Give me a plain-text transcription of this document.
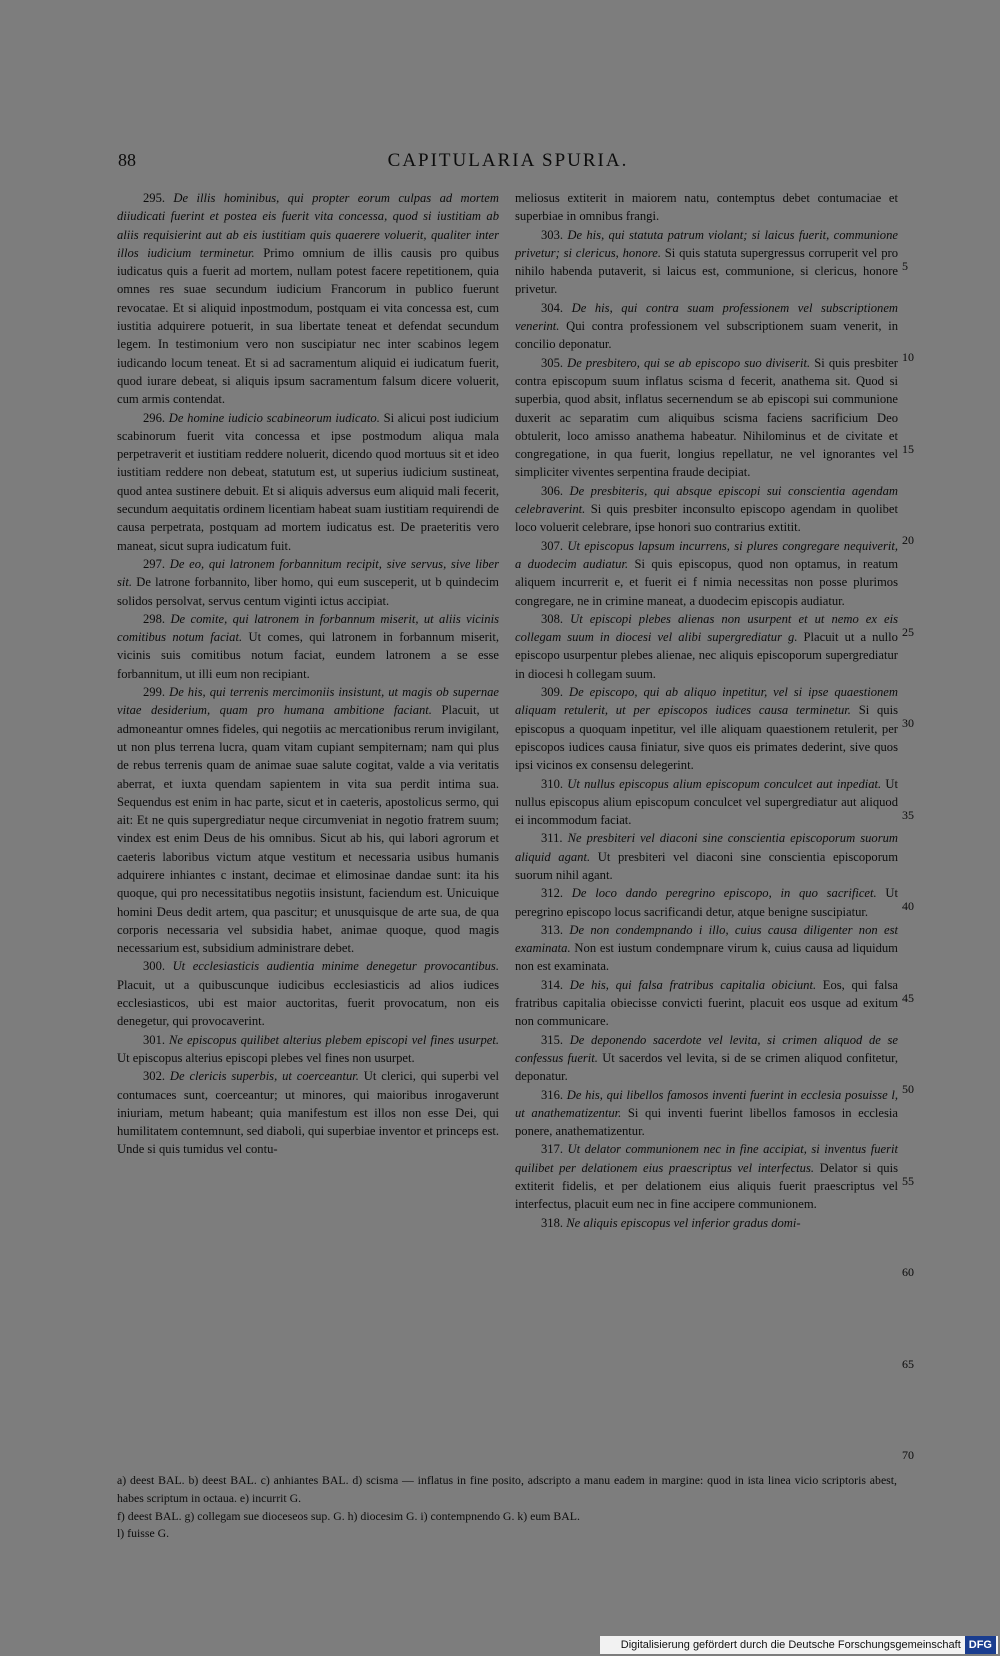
88	CAPITULARIA SPURIA.

295. De illis hominibus, qui propter eorum culpas ad mortem diiudicati fuerint et postea eis fuerit vita concessa, quod si iustitiam ab aliis requisierint aut ab eis iustitiam quis quaerere voluerit, qualiter inter illos iudicium terminetur. Primo omnium de illis causis pro quibus iudicatus quis a fuerit ad mortem, nullam potest facere repetitionem, quia omnes res suae secundum iudicium Francorum in publico fuerunt revocatae. Et si aliquid inpostmodum, postquam ei vita concessa est, cum iustitia adquirere potuerit, in sua libertate teneat et defendat secundum legem. In testimonium vero non suscipiatur nec inter scabinos legem iudicando locum teneat. Et si ad sacramentum aliquid ei iudicatum fuerit, quod iurare debeat, si aliquis ipsum sacramentum falsum dicere voluerit, cum armis contendat.

296. De homine iudicio scabineorum iudicato. Si alicui post iudicium scabinorum fuerit vita concessa et ipse postmodum aliqua mala perpetraverit et iustitiam reddere noluerit, dicendo quod mortuus sit et ideo iustitiam reddere non debeat, statutum est, ut superius iudicium sustineat, quod antea sustinere debuit. Et si aliquis adversus eum aliquid mali fecerit, secundum aequitatis ordinem licentiam habeat suam iustitiam requirendi de causa perpetrata, postquam ad mortem iudicatus est. De praeteritis vero maneat, sicut supra iudicatum fuit.

297. De eo, qui latronem forbannitum recipit, sive servus, sive liber sit. De latrone forbannito, liber homo, qui eum susceperit, ut b quindecim solidos persolvat, servus centum viginti ictus accipiat.

298. De comite, qui latronem in forbannum miserit, ut aliis vicinis comitibus notum faciat. Ut comes, qui latronem in forbannum miserit, vicinis suis comitibus notum faciat, eundem latronem a se esse forbannitum, ut illi eum non recipiant.

299. De his, qui terrenis mercimoniis insistunt, ut magis ob supernae vitae desiderium, quam pro humana ambitione faciant. Placuit, ut admoneantur omnes fideles, qui negotiis ac mercationibus rerum invigilant, ut non plus terrena lucra, quam vitam cupiant sempiternam; nam qui plus de rebus terrenis quam de animae suae salute cogitat, valde a via veritatis aberrat, et iuxta quendam sapientem in vita sua perdit intima sua. Sequendus est enim in hac parte, sicut et in caeteris, apostolicus sermo, qui ait: Et ne quis supergrediatur neque circumveniat in negotio fratrem suum; vindex est enim Deus de his omnibus. Sicut ab his, qui labori agrorum et caeteris laboribus victum atque vestitum et necessaria usibus humanis adquirere inhiantes c instant, decimae et elimosinae dandae sunt: ita his quoque, qui pro necessitatibus negotiis insistunt, faciendum est. Unicuique homini Deus dedit artem, qua pascitur; et unusquisque de arte sua, de qua corporis necessaria vel subsidia habet, animae quoque, quod magis necessarium est, subsidium administrare debet.

300. Ut ecclesiasticis audientia minime denegetur provocantibus. Placuit, ut a quibuscunque iudicibus ecclesiasticis ad alios iudices ecclesiasticos, ubi est maior auctoritas, fuerit provocatum, non eis denegetur, qui provocaverint.

301. Ne episcopus quilibet alterius plebem episcopi vel fines usurpet. Ut episcopus alterius episcopi plebes vel fines non usurpet.

302. De clericis superbis, ut coerceantur. Ut clerici, qui superbi vel contumaces sunt, coerceantur; ut minores, qui maioribus inrogaverunt iniuriam, metum habeant; quia manifestum est illos non esse Dei, qui humilitatem contemnunt, sed diaboli, qui superbiae inventor et princeps est. Unde si quis tumidus vel contu-

meliosus extiterit in maiorem natu, contemptus debet contumaciae et superbiae in omnibus frangi.

303. De his, qui statuta patrum violant; si laicus fuerit, communione privetur; si clericus, honore. Si quis statuta supergressus corruperit vel pro nihilo habenda putaverit, si laicus est, communione, si clericus, honore privetur.

304. De his, qui contra suam professionem vel subscriptionem venerint. Qui contra professionem vel subscriptionem suam venerit, in concilio deponatur.

305. De presbitero, qui se ab episcopo suo diviserit. Si quis presbiter contra episcopum suum inflatus scisma d fecerit, anathema sit. Quod si superbia, quod absit, inflatus secernendum se ab episcopi sui communione duxerit ac separatim cum aliquibus scisma faciens sacrificium Deo obtulerit, loco amisso anathema habeatur. Nihilominus et de civitate et congregatione, in qua fuerit, longius repellatur, ne vel ignorantes vel simpliciter viventes serpentina fraude decipiat.

306. De presbiteris, qui absque episcopi sui conscientia agendam celebraverint. Si quis presbiter inconsulto episcopo agendam in quolibet loco voluerit celebrare, ipse honori suo contrarius extitit.

307. Ut episcopus lapsum incurrens, si plures congregare nequiverit, a duodecim audiatur. Si quis episcopus, quod non optamus, in reatum aliquem incurrerit e, et fuerit ei f nimia necessitas non posse plurimos congregare, ne in crimine maneat, a duodecim episcopis audiatur.

308. Ut episcopi plebes alienas non usurpent et ut nemo ex eis collegam suum in diocesi vel alibi supergrediatur g. Placuit ut a nullo episcopo usurpentur plebes alienae, nec aliquis episcoporum supergrediatur in diocesi h collegam suum.

309. De episcopo, qui ab aliquo inpetitur, vel si ipse quaestionem aliquam retulerit, ut per episcopos iudices causa terminetur. Si quis episcopus a quoquam inpetitur, vel ille aliquam quaestionem retulerit, per episcopos iudices causa finiatur, sive quos eis primates dederint, sive quos ipsi vicinos ex consensu delegerint.

310. Ut nullus episcopus alium episcopum conculcet aut inpediat. Ut nullus episcopus alium episcopum conculcet vel supergrediatur aut aliquod ei incommodum faciat.

311. Ne presbiteri vel diaconi sine conscientia episcoporum suorum aliquid agant. Ut presbiteri vel diaconi sine conscientia episcoporum suorum nihil agant.

312. De loco dando peregrino episcopo, in quo sacrificet. Ut peregrino episcopo locus sacrificandi detur, atque benigne suscipiatur.

313. De non condempnando i illo, cuius causa diligenter non est examinata. Non est iustum condempnare virum k, cuius causa ad liquidum non est examinata.

314. De his, qui falsa fratribus capitalia obiciunt. Eos, qui falsa fratribus capitalia obiecisse convicti fuerint, placuit eos usque ad exitum non communicare.

315. De deponendo sacerdote vel levita, si crimen aliquod de se confessus fuerit. Ut sacerdos vel levita, si de se crimen aliquod confitetur, deponatur.

316. De his, qui libellos famosos inventi fuerint in ecclesia posuisse l, ut anathematizentur. Si qui inventi fuerint libellos famosos in ecclesia ponere, anathematizentur.

317. Ut delator communionem nec in fine accipiat, si inventus fuerit quilibet per delationem eius praescriptus vel interfectus. Delator si quis extiterit fidelis, et per delationem eius aliquis fuerit praescriptus vel interfectus, placuit eum nec in fine accipere communionem.

318. Ne aliquis episcopus vel inferior gradus domi-

5
10
15
20
25
30
35
40
45
50
55
60
65
70

a) deest BAL. b) deest BAL. c) anhiantes BAL. d) scisma — inflatus in fine posito, adscripto a manu eadem in margine: quod in ista linea vicio scriptoris abest, habes scriptum in octaua. e) incurrit G.

f) deest BAL. g) collegam sue dioceseos sup. G. h) diocesim G. i) contempnendo G. k) eum BAL.

l) fuisse G.

Digitalisierung gefördert durch die Deutsche Forschungsgemeinschaft DFG
